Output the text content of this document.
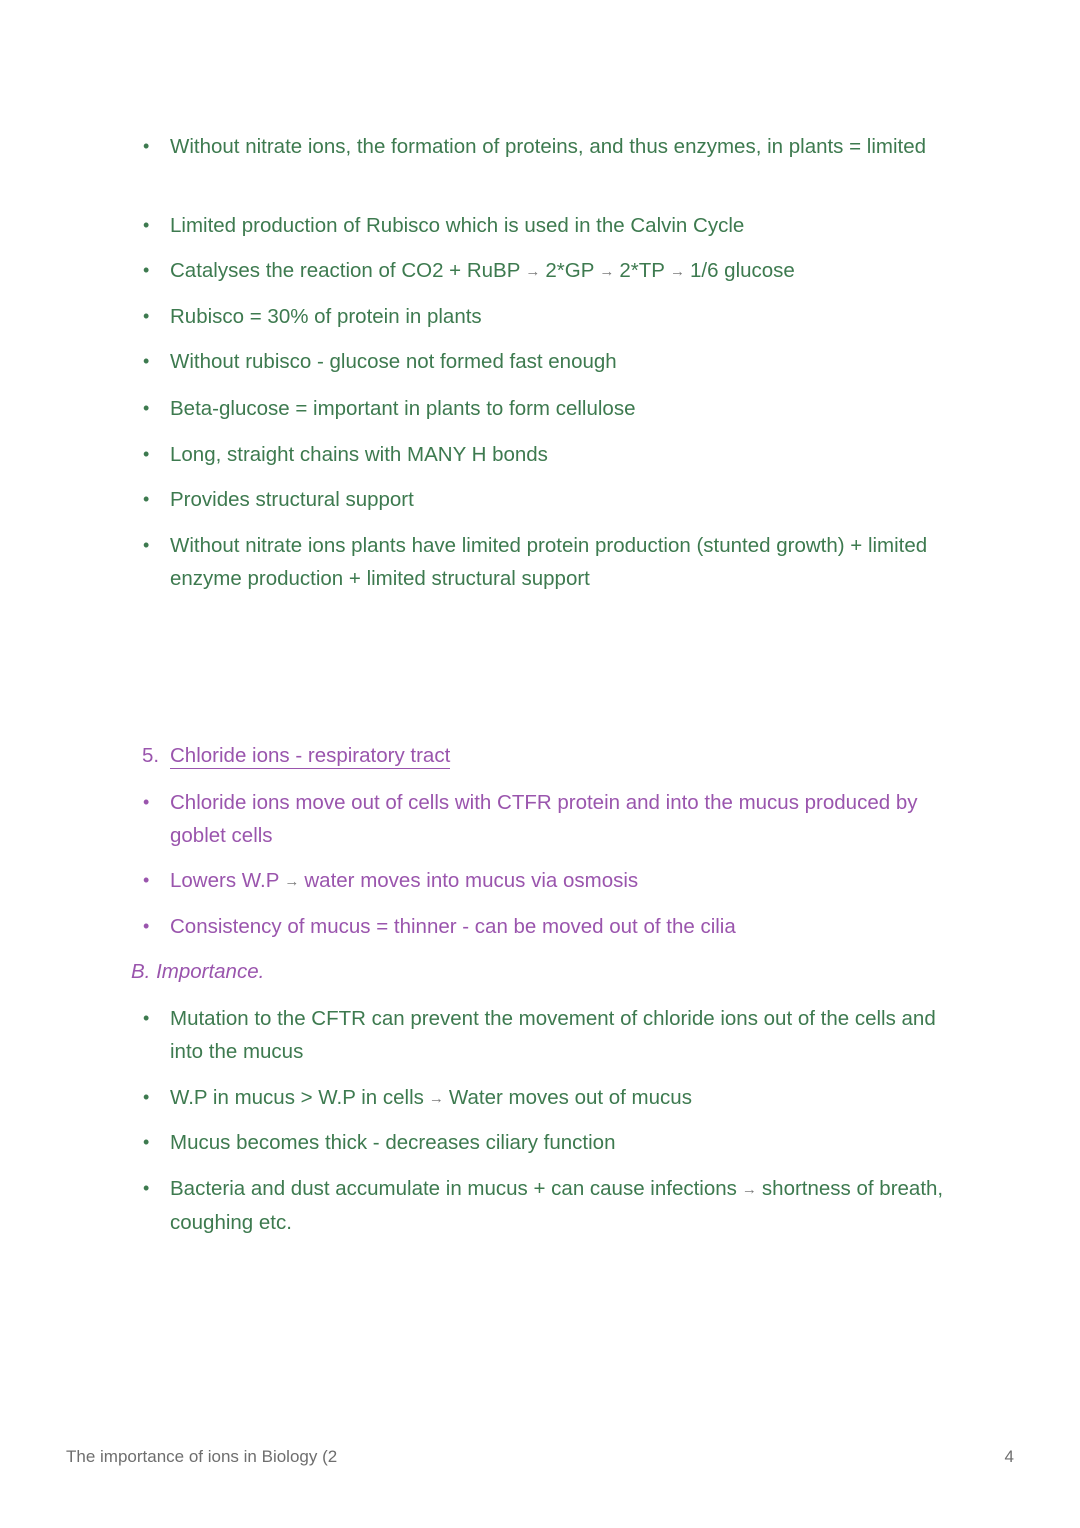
• Without nitrate ions, the formation of proteins, and thus enzymes, in plants = limited
• Limited production of Rubisco which is used in the Calvin Cycle
• Catalyses the reaction of CO2 + RuBP → 2*GP → 2*TP → 1/6 glucose
• Rubisco = 30% of protein in plants
• Without rubisco - glucose not formed fast enough
• Beta-glucose = important in plants to form cellulose
• Long, straight chains with MANY H bonds
• Provides structural support
• Without nitrate ions plants have limited protein production (stunted growth) + limited enzyme production + limited structural support
5. Chloride ions - respiratory tract
• Chloride ions move out of cells with CTFR protein and into the mucus produced by goblet cells
• Lowers W.P → water moves into mucus via osmosis
• Consistency of mucus = thinner - can be moved out of the cilia
B. Importance.
• Mutation to the CFTR can prevent the movement of chloride ions out of the cells and into the mucus
• W.P in mucus > W.P in cells → Water moves out of mucus
• Mucus becomes thick - decreases ciliary function
• Bacteria and dust accumulate in mucus + can cause infections → shortness of breath, coughing etc.
The importance of ions in Biology (2	4
